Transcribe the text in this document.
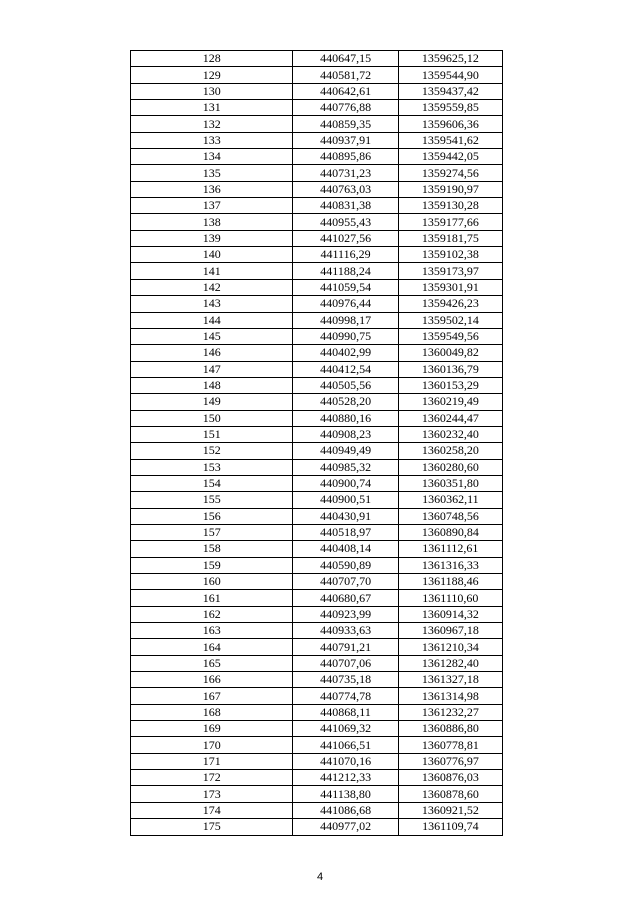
128	440647,15	1359625,12
129	440581,72	1359544,90
130	440642,61	1359437,42
131	440776,88	1359559,85
132	440859,35	1359606,36
133	440937,91	1359541,62
134	440895,86	1359442,05
135	440731,23	1359274,56
136	440763,03	1359190,97
137	440831,38	1359130,28
138	440955,43	1359177,66
139	441027,56	1359181,75
140	441116,29	1359102,38
141	441188,24	1359173,97
142	441059,54	1359301,91
143	440976,44	1359426,23
144	440998,17	1359502,14
145	440990,75	1359549,56
146	440402,99	1360049,82
147	440412,54	1360136,79
148	440505,56	1360153,29
149	440528,20	1360219,49
150	440880,16	1360244,47
151	440908,23	1360232,40
152	440949,49	1360258,20
153	440985,32	1360280,60
154	440900,74	1360351,80
155	440900,51	1360362,11
156	440430,91	1360748,56
157	440518,97	1360890,84
158	440408,14	1361112,61
159	440590,89	1361316,33
160	440707,70	1361188,46
161	440680,67	1361110,60
162	440923,99	1360914,32
163	440933,63	1360967,18
164	440791,21	1361210,34
165	440707,06	1361282,40
166	440735,18	1361327,18
167	440774,78	1361314,98
168	440868,11	1361232,27
169	441069,32	1360886,80
170	441066,51	1360778,81
171	441070,16	1360776,97
172	441212,33	1360876,03
173	441138,80	1360878,60
174	441086,68	1360921,52
175	440977,02	1361109,74
4
